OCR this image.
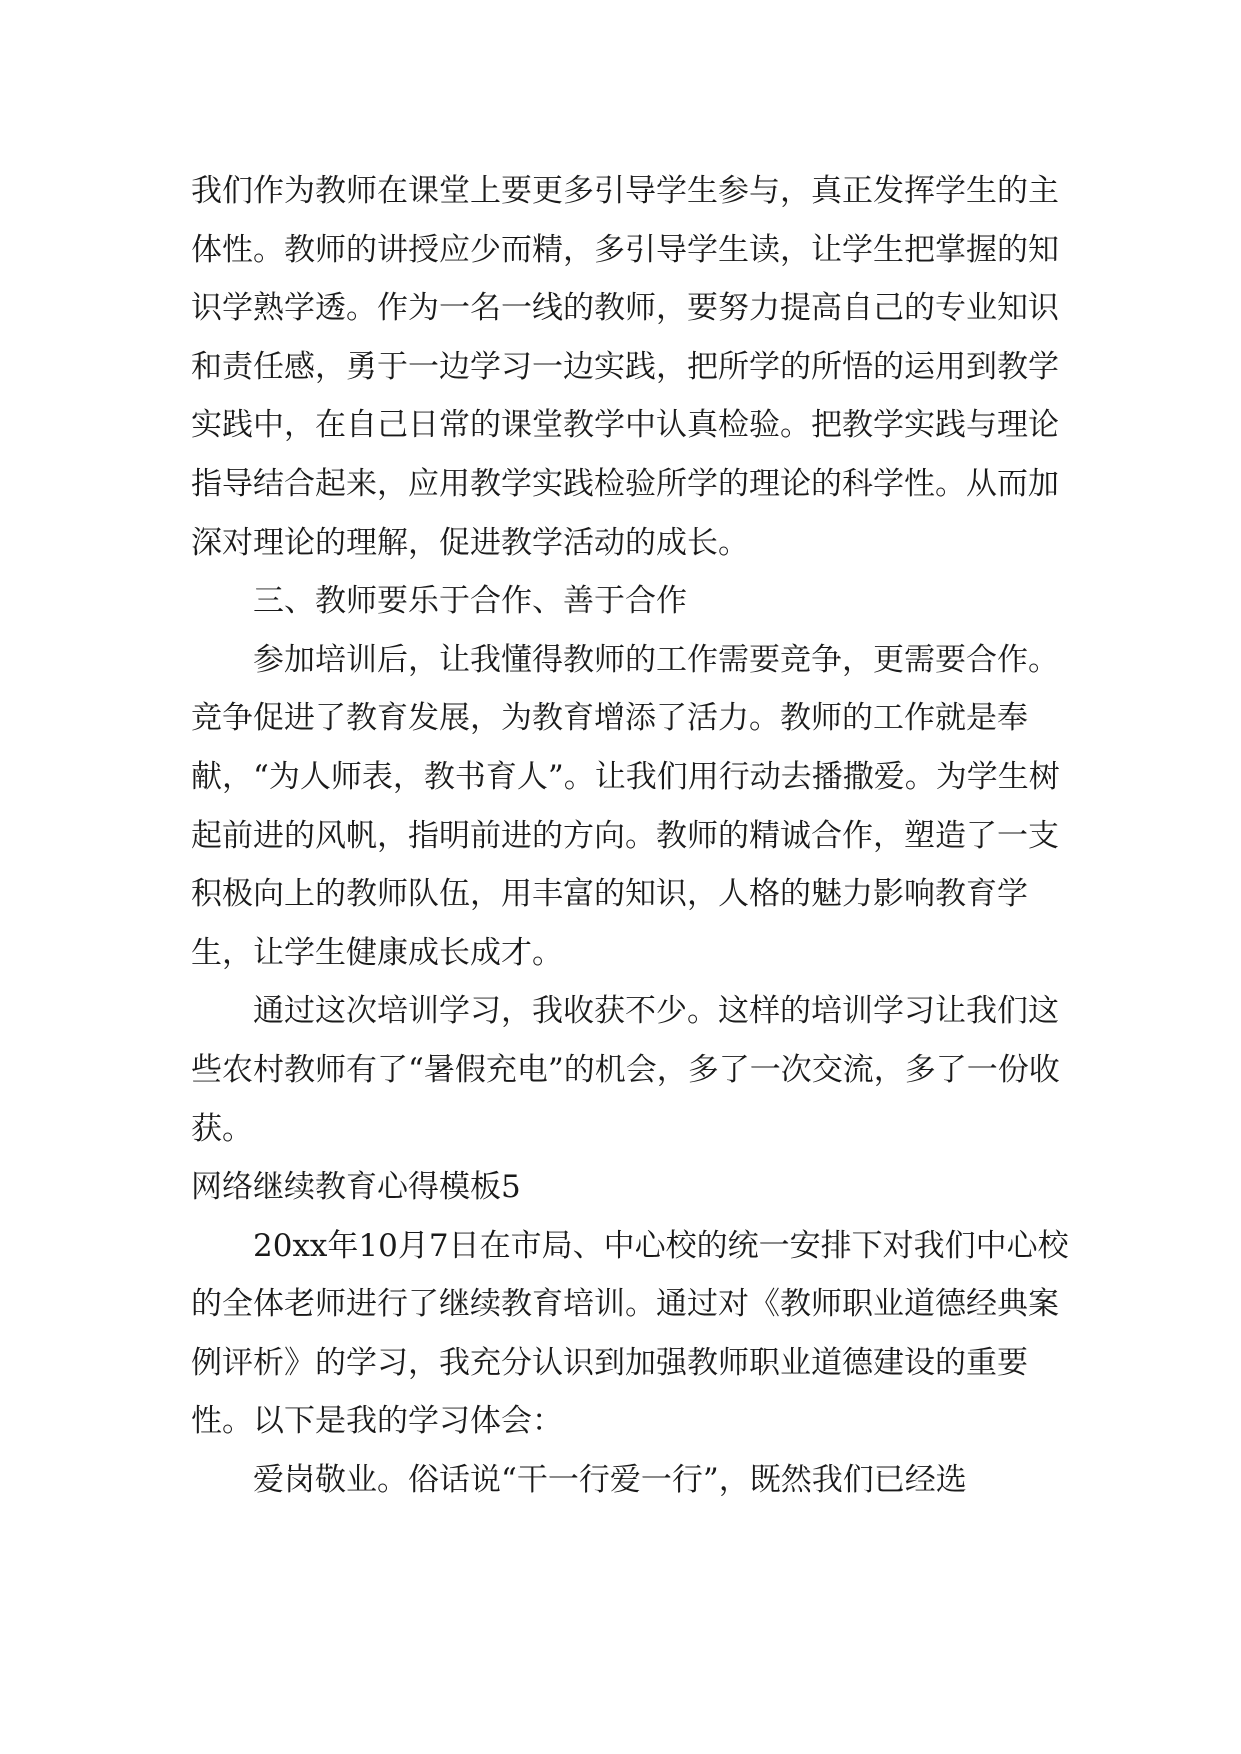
我们作为教师在课堂上要更多引导学生参与，真正发挥学生的主体性。教师的讲授应少而精，多引导学生读，让学生把掌握的知识学熟学透。作为一名一线的教师，要努力提高自己的专业知识和责任感，勇于一边学习一边实践，把所学的所悟的运用到教学实践中，在自己日常的课堂教学中认真检验。把教学实践与理论指导结合起来，应用教学实践检验所学的理论的科学性。从而加深对理论的理解，促进教学活动的成长。

三、教师要乐于合作、善于合作

参加培训后，让我懂得教师的工作需要竞争，更需要合作。竞争促进了教育发展，为教育增添了活力。教师的工作就是奉献，“为人师表，教书育人”。让我们用行动去播撒爱。为学生树起前进的风帆，指明前进的方向。教师的精诚合作，塑造了一支积极向上的教师队伍，用丰富的知识，人格的魅力影响教育学生，让学生健康成长成才。

通过这次培训学习，我收获不少。这样的培训学习让我们这些农村教师有了“暑假充电”的机会，多了一次交流，多了一份收获。

网络继续教育心得模板5

20xx年10月7日在市局、中心校的统一安排下对我们中心校的全体老师进行了继续教育培训。通过对《教师职业道德经典案例评析》的学习，我充分认识到加强教师职业道德建设的重要性。以下是我的学习体会：

爱岗敬业。俗话说“干一行爱一行”，既然我们已经选
